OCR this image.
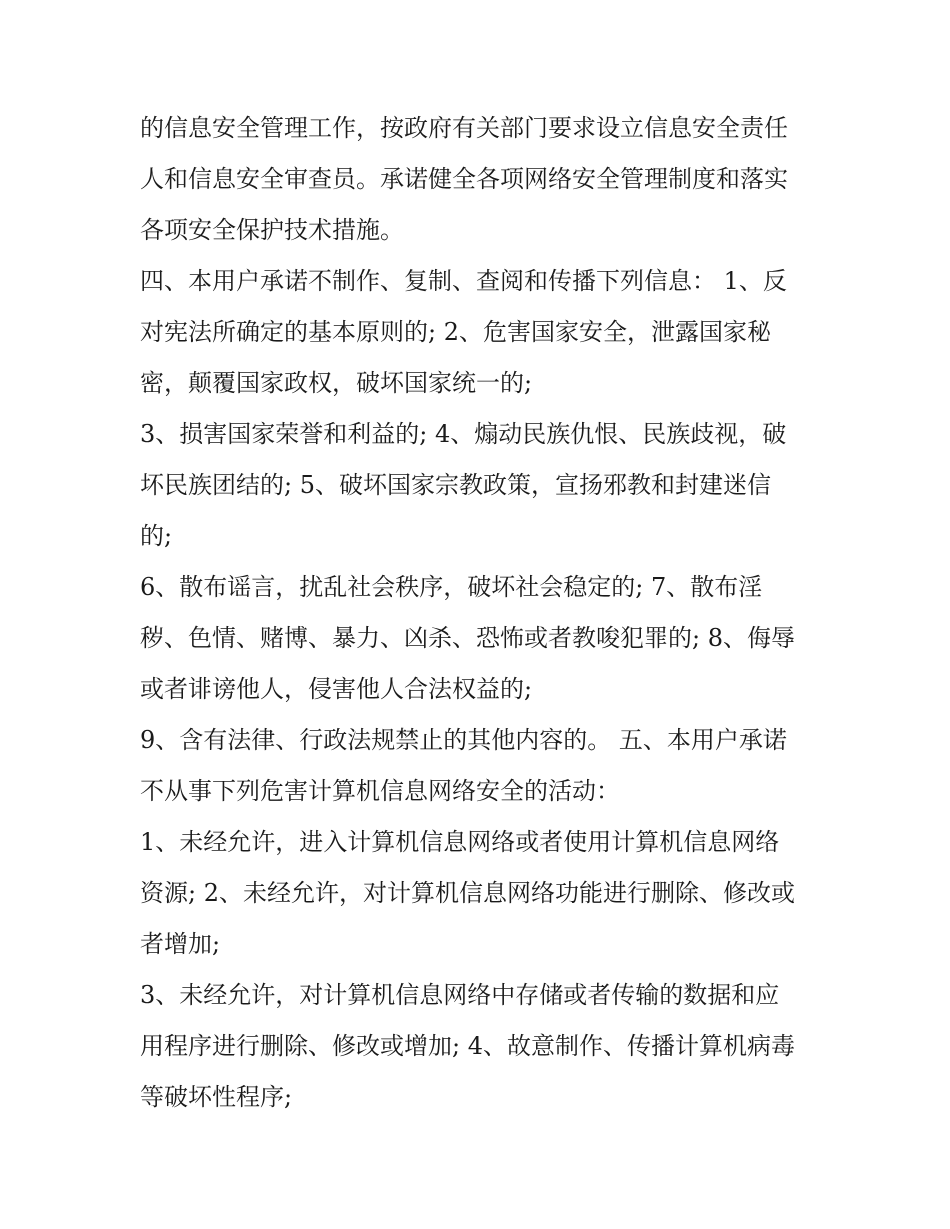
的信息安全管理工作，按政府有关部门要求设立信息安全责任
人和信息安全审查员。承诺健全各项网络安全管理制度和落实
各项安全保护技术措施。
四、本用户承诺不制作、复制、查阅和传播下列信息： 1、反
对宪法所确定的基本原则的; 2、危害国家安全，泄露国家秘
密，颠覆国家政权，破坏国家统一的;
3、损害国家荣誉和利益的; 4、煽动民族仇恨、民族歧视，破
坏民族团结的; 5、破坏国家宗教政策，宣扬邪教和封建迷信
的;
6、散布谣言，扰乱社会秩序，破坏社会稳定的; 7、散布淫
秽、色情、赌博、暴力、凶杀、恐怖或者教唆犯罪的; 8、侮辱
或者诽谤他人，侵害他人合法权益的;
9、含有法律、行政法规禁止的其他内容的。 五、本用户承诺
不从事下列危害计算机信息网络安全的活动：
1、未经允许，进入计算机信息网络或者使用计算机信息网络
资源; 2、未经允许，对计算机信息网络功能进行删除、修改或
者增加;
3、未经允许，对计算机信息网络中存储或者传输的数据和应
用程序进行删除、修改或增加; 4、故意制作、传播计算机病毒
等破坏性程序;
